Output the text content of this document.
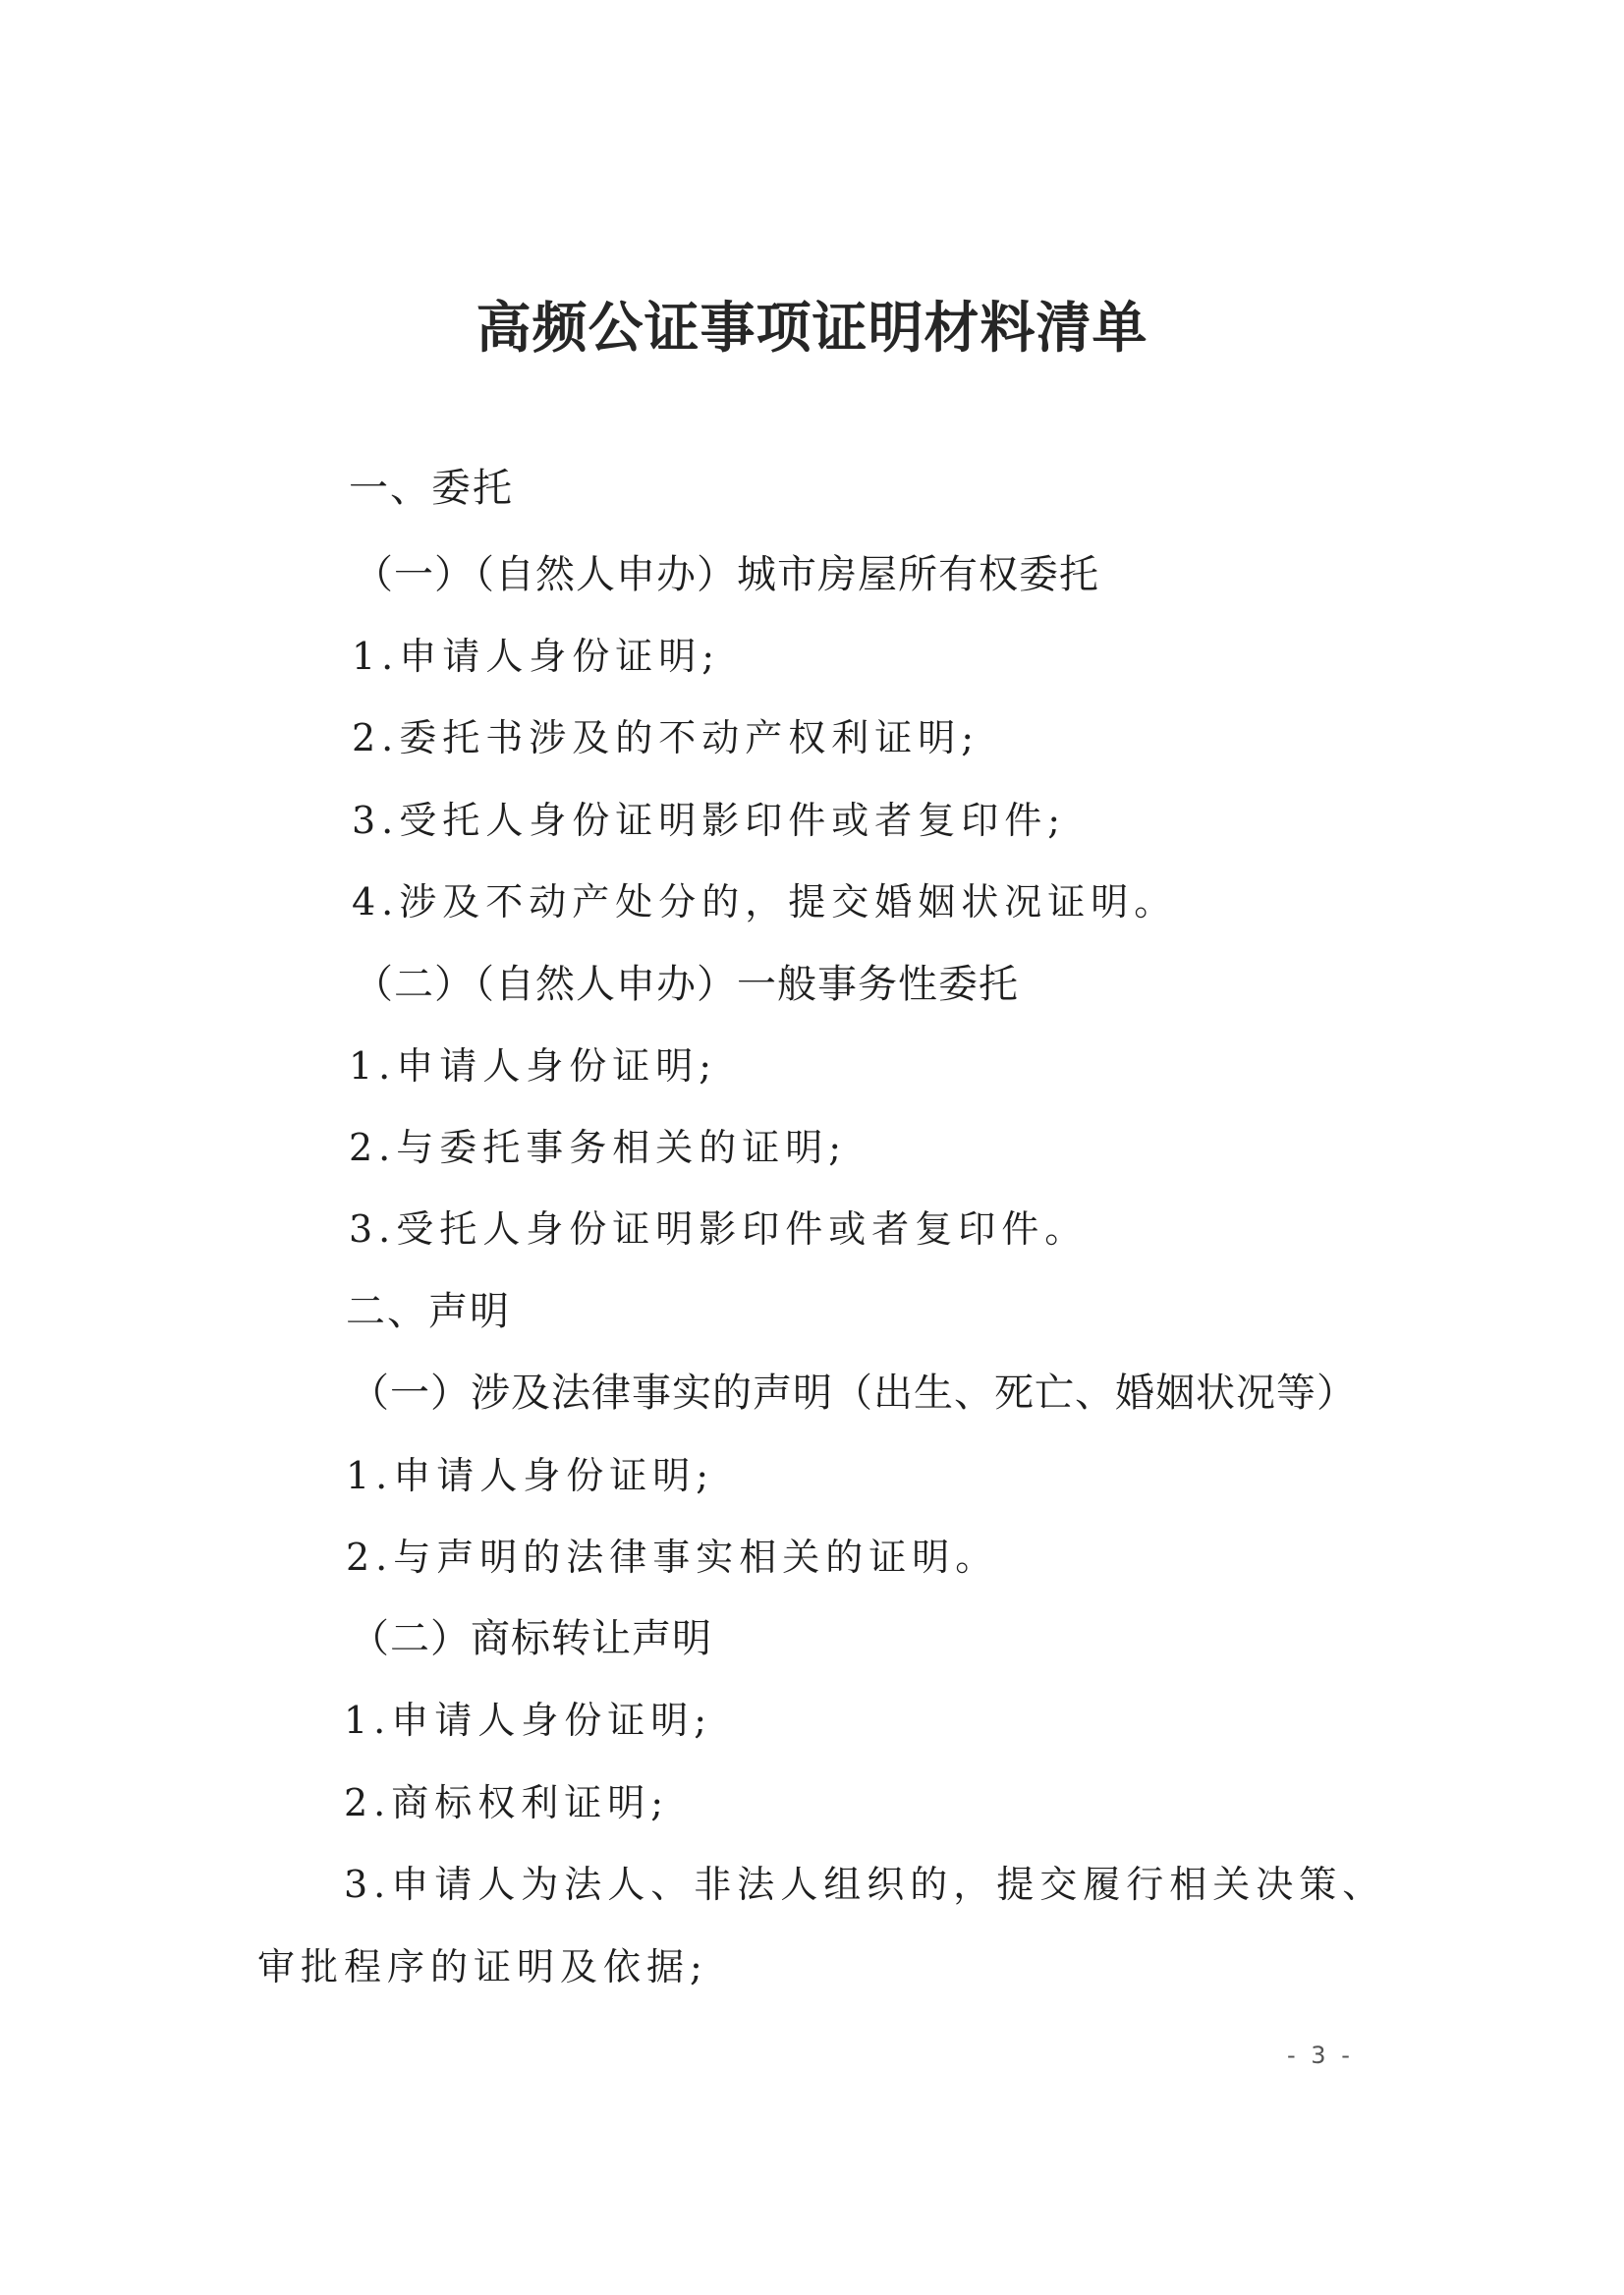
高频公证事项证明材料清单
一、委托
（一）（自然人申办）城市房屋所有权委托
1.申请人身份证明;
2.委托书涉及的不动产权利证明;
3.受托人身份证明影印件或者复印件;
4.涉及不动产处分的，提交婚姻状况证明。
（二）（自然人申办）一般事务性委托
1.申请人身份证明;
2.与委托事务相关的证明;
3.受托人身份证明影印件或者复印件。
二、声明
（一）涉及法律事实的声明（出生、死亡、婚姻状况等）
1.申请人身份证明;
2.与声明的法律事实相关的证明。
（二）商标转让声明
1.申请人身份证明;
2.商标权利证明;
3.申请人为法人、非法人组织的，提交履行相关决策、
审批程序的证明及依据;
- 3 -
